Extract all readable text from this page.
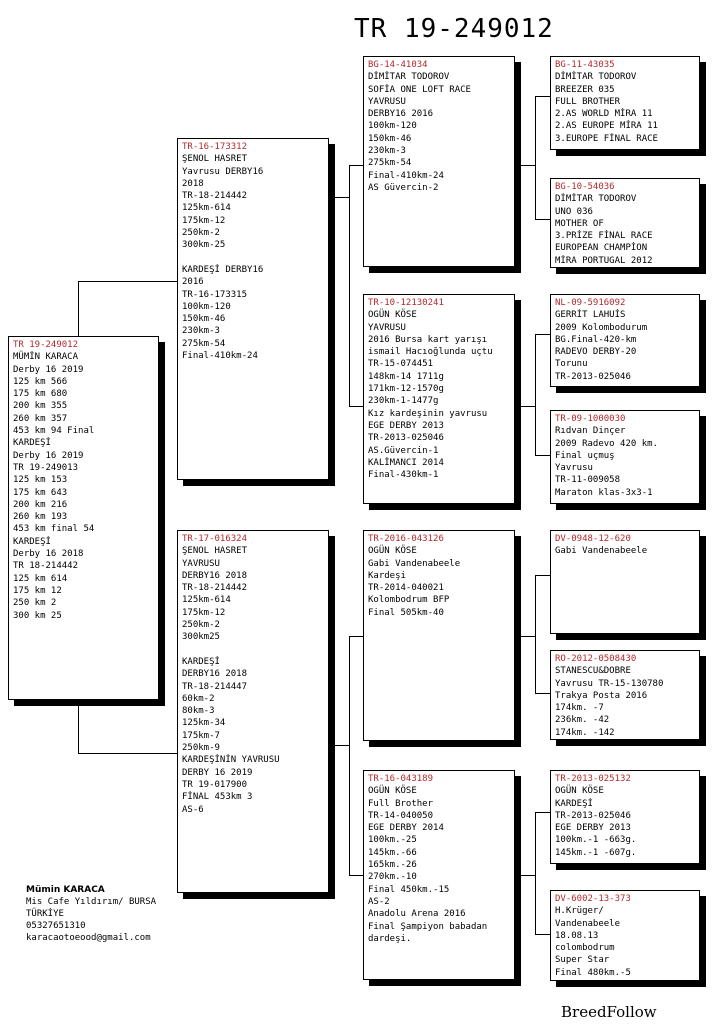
TR 19-249012
TR 19-249012
MÜMİN KARACA
Derby 16 2019
125 km 566
175 km 680
200 km 355
260 km 357
453 km 94 Final
KARDEŞİ
Derby 16 2019
TR 19-249013
125 km 153
175 km 643
200 km 216
260 km 193
453 km final 54
KARDEŞİ
Derby 16 2018
TR 18-214442
125 km 614
175 km 12
250 km 2
300 km 25
TR-16-173312
ŞENOL HASRET
Yavrusu DERBY16
2018
TR-18-214442
125km-614
175km-12
250km-2
300km-25

KARDEŞİ DERBY16
2016
TR-16-173315
100km-120
150km-46
230km-3
275km-54
Final-410km-24
TR-17-016324
ŞENOL HASRET
YAVRUSU
DERBY16 2018
TR-18-214442
125km-614
175km-12
250km-2
300km25

KARDEŞİ
DERBY16 2018
TR-18-214447
60km-2
80km-3
125km-34
175km-7
250km-9
KARDEŞİNİN YAVRUSU
DERBY 16 2019
TR 19-017900
FİNAL 453km 3
AS-6
BG-14-41034
DİMİTAR TODOROV
SOFİA ONE LOFT RACE
YAVRUSU
DERBY16 2016
100km-120
150km-46
230km-3
275km-54
Final-410km-24
AS Güvercin-2
TR-10-12130241
OGÜN KÖSE
YAVRUSU
2016 Bursa kart yarışı
ismail Hacıoğlunda uçtu
TR-15-074451
148km-14 1711g
171km-12-1570g
230km-1-1477g
Kız kardeşinin yavrusu
EGE DERBY 2013
TR-2013-025046
AS.Güvercin-1
KALİMANCI 2014
Final-430km-1
TR-2016-043126
OGÜN KÖSE
Gabi Vandenabeele
Kardeşi
TR-2014-040021
Kolombodrum BFP
Final 505km-40
TR-16-043189
OGÜN KÖSE
Full Brother
TR-14-040050
EGE DERBY 2014
100km.-25
145km.-66
165km.-26
270km.-10
Final 450km.-15
AS-2
Anadolu Arena 2016
Final Şampiyon babadan
dardeşi.
BG-11-43035
DİMİTAR TODOROV
BREEZER 035
FULL BROTHER
2.AS WORLD MİRA 11
2.AS EUROPE MİRA 11
3.EUROPE FİNAL RACE
BG-10-54036
DİMİTAR TODOROV
UNO 036
MOTHER OF
3.PRİZE FİNAL RACE
EUROPEAN CHAMPİON
MİRA PORTUGAL 2012
NL-09-5916092
GERRİT LAHUİS
2009 Kolombodurum
BG.Final-420-km
RADEVO DERBY-20
Torunu
TR-2013-025046
TR-09-1000030
Rıdvan Dinçer
2009 Radevo 420 km.
Final uçmuş
Yavrusu
TR-11-009058
Maraton klas-3x3-1
DV-0948-12-620
Gabi Vandenabeele
RO-2012-0508430
STANESCU&DOBRE
Yavrusu TR-15-130780
Trakya Posta 2016
174km. -7
236km. -42
174km. -142
TR-2013-025132
OGÜN KÖSE
KARDEŞİ
TR-2013-025046
EGE DERBY 2013
100km.-1 -663g.
145km.-1 -607g.
DV-6002-13-373
H.Krüger/
Vandenabeele
18.08.13
colombodrum
Super Star
Final 480km.-5
Mümin KARACA
Mis Cafe Yıldırım/ BURSA
TÜRKİYE
05327651310
karacaotoeood@gmail.com
BreedFollow
